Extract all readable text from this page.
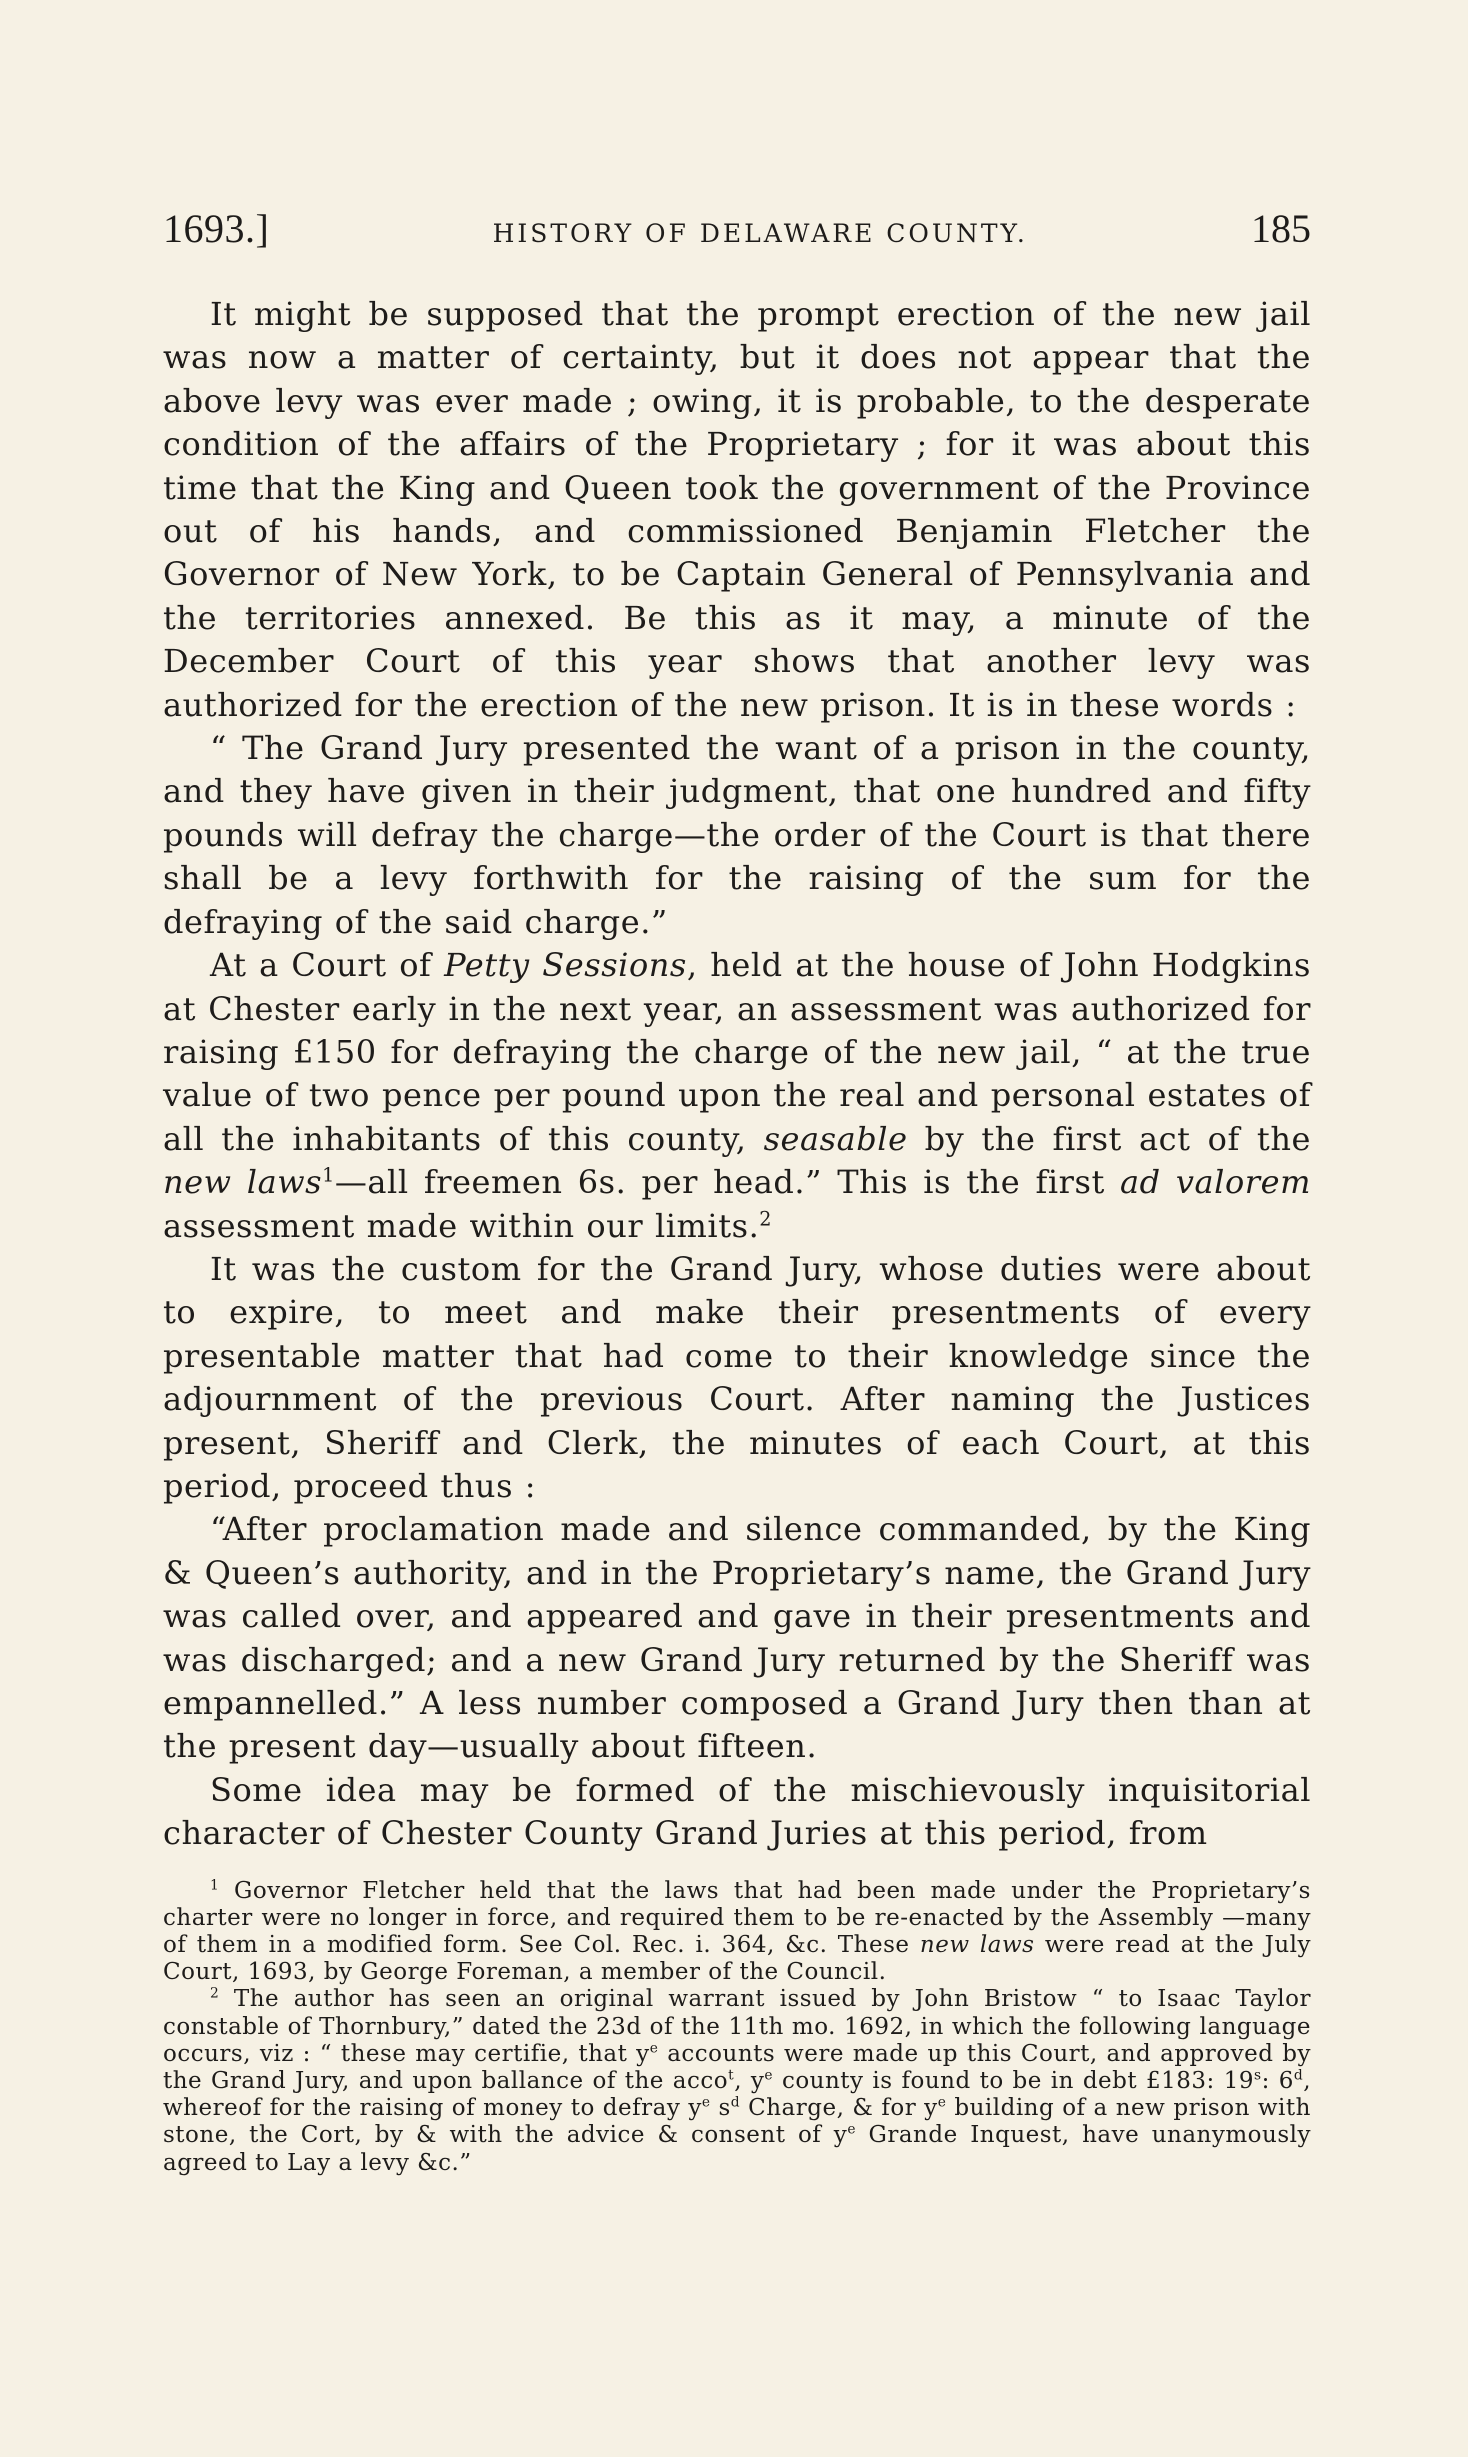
1693.]	HISTORY OF DELAWARE COUNTY.	185

It might be supposed that the prompt erection of the new jail was now a matter of certainty, but it does not appear that the above levy was ever made ; owing, it is probable, to the desperate condition of the affairs of the Proprietary ; for it was about this time that the King and Queen took the government of the Province out of his hands, and commissioned Benjamin Fletcher the Governor of New York, to be Captain General of Pennsylvania and the territories annexed. Be this as it may, a minute of the December Court of this year shows that another levy was authorized for the erection of the new prison. It is in these words :

“ The Grand Jury presented the want of a prison in the county, and they have given in their judgment, that one hundred and fifty pounds will defray the charge—the order of the Court is that there shall be a levy forthwith for the raising of the sum for the defraying of the said charge.”

At a Court of Petty Sessions, held at the house of John Hodgkins at Chester early in the next year, an assessment was authorized for raising £150 for defraying the charge of the new jail, “ at the true value of two pence per pound upon the real and personal estates of all the inhabitants of this county, seasable by the first act of the new laws$^1$—all freemen 6s. per head.” This is the first ad valorem assessment made within our limits.$^2$

It was the custom for the Grand Jury, whose duties were about to expire, to meet and make their presentments of every presentable matter that had come to their knowledge since the adjournment of the previous Court. After naming the Justices present, Sheriff and Clerk, the minutes of each Court, at this period, proceed thus :

“After proclamation made and silence commanded, by the King & Queen’s authority, and in the Proprietary’s name, the Grand Jury was called over, and appeared and gave in their presentments and was discharged; and a new Grand Jury returned by the Sheriff was empannelled.” A less number composed a Grand Jury then than at the present day—usually about fifteen.

Some idea may be formed of the mischievously inquisitorial character of Chester County Grand Juries at this period, from

$^1$ Governor Fletcher held that the laws that had been made under the Proprietary’s charter were no longer in force, and required them to be re-enacted by the Assembly —many of them in a modified form. See Col. Rec. i. 364, &c. These new laws were read at the July Court, 1693, by George Foreman, a member of the Council.

$^2$ The author has seen an original warrant issued by John Bristow “ to Isaac Taylor constable of Thornbury,” dated the 23d of the 11th mo. 1692, in which the following language occurs, viz : “ these may certifie, that $y^e$ accounts were made up this Court, and approved by the Grand Jury, and upon ballance of the acco$^t$, $y^e$ county is found to be in debt £183: 19$^s$: 6$^d$, whereof for the raising of money to defray $y^e$ $s^d$ Charge, & for $y^e$ building of a new prison with stone, the Cort, by & with the advice & consent of $y^e$ Grande Inquest, have unanymously agreed to Lay a levy &c.”
